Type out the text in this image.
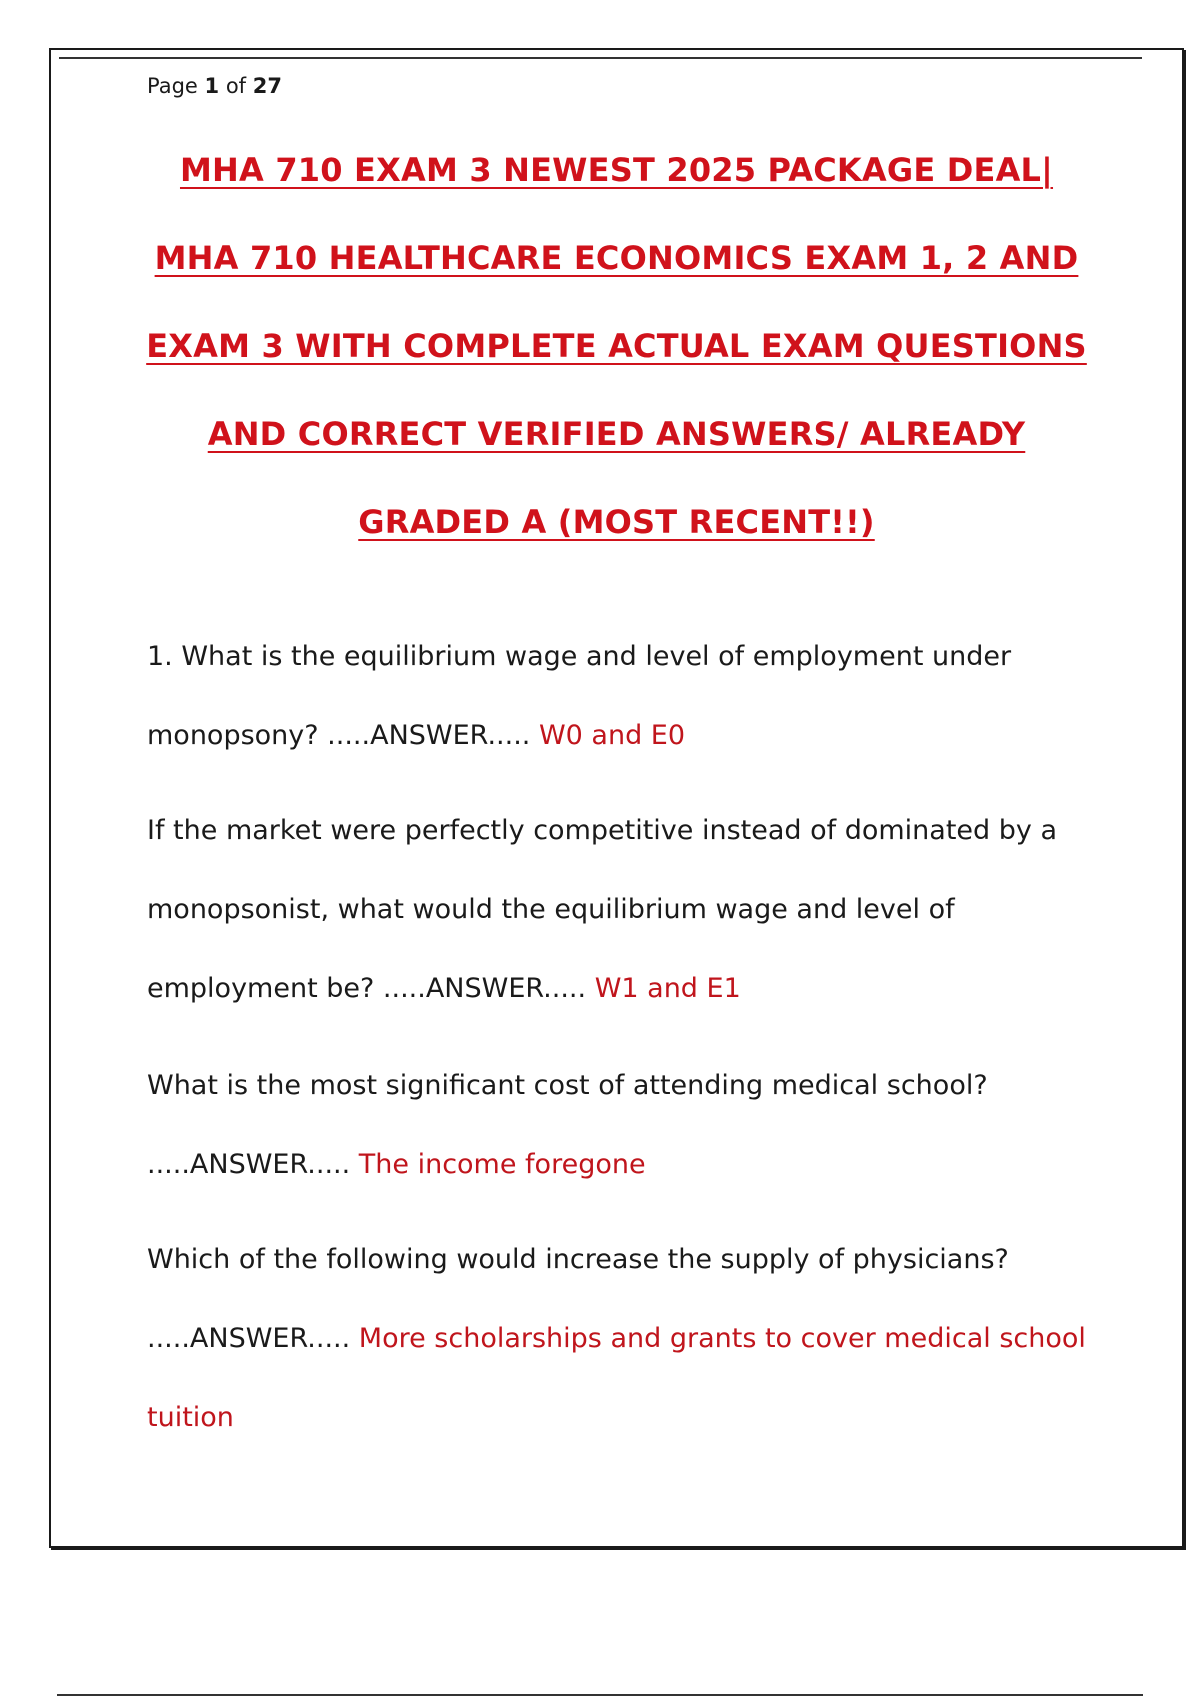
Page 1 of 27
MHA 710 EXAM 3 NEWEST 2025 PACKAGE DEAL|
MHA 710 HEALTHCARE ECONOMICS EXAM 1, 2 AND
EXAM 3 WITH COMPLETE ACTUAL EXAM QUESTIONS
AND CORRECT VERIFIED ANSWERS/ ALREADY
GRADED A (MOST RECENT!!)
1. What is the equilibrium wage and level of employment under monopsony? .....ANSWER..... W0 and E0
If the market were perfectly competitive instead of dominated by a monopsonist, what would the equilibrium wage and level of employment be? .....ANSWER..... W1 and E1
What is the most significant cost of attending medical school? .....ANSWER..... The income foregone
Which of the following would increase the supply of physicians? .....ANSWER..... More scholarships and grants to cover medical school tuition
